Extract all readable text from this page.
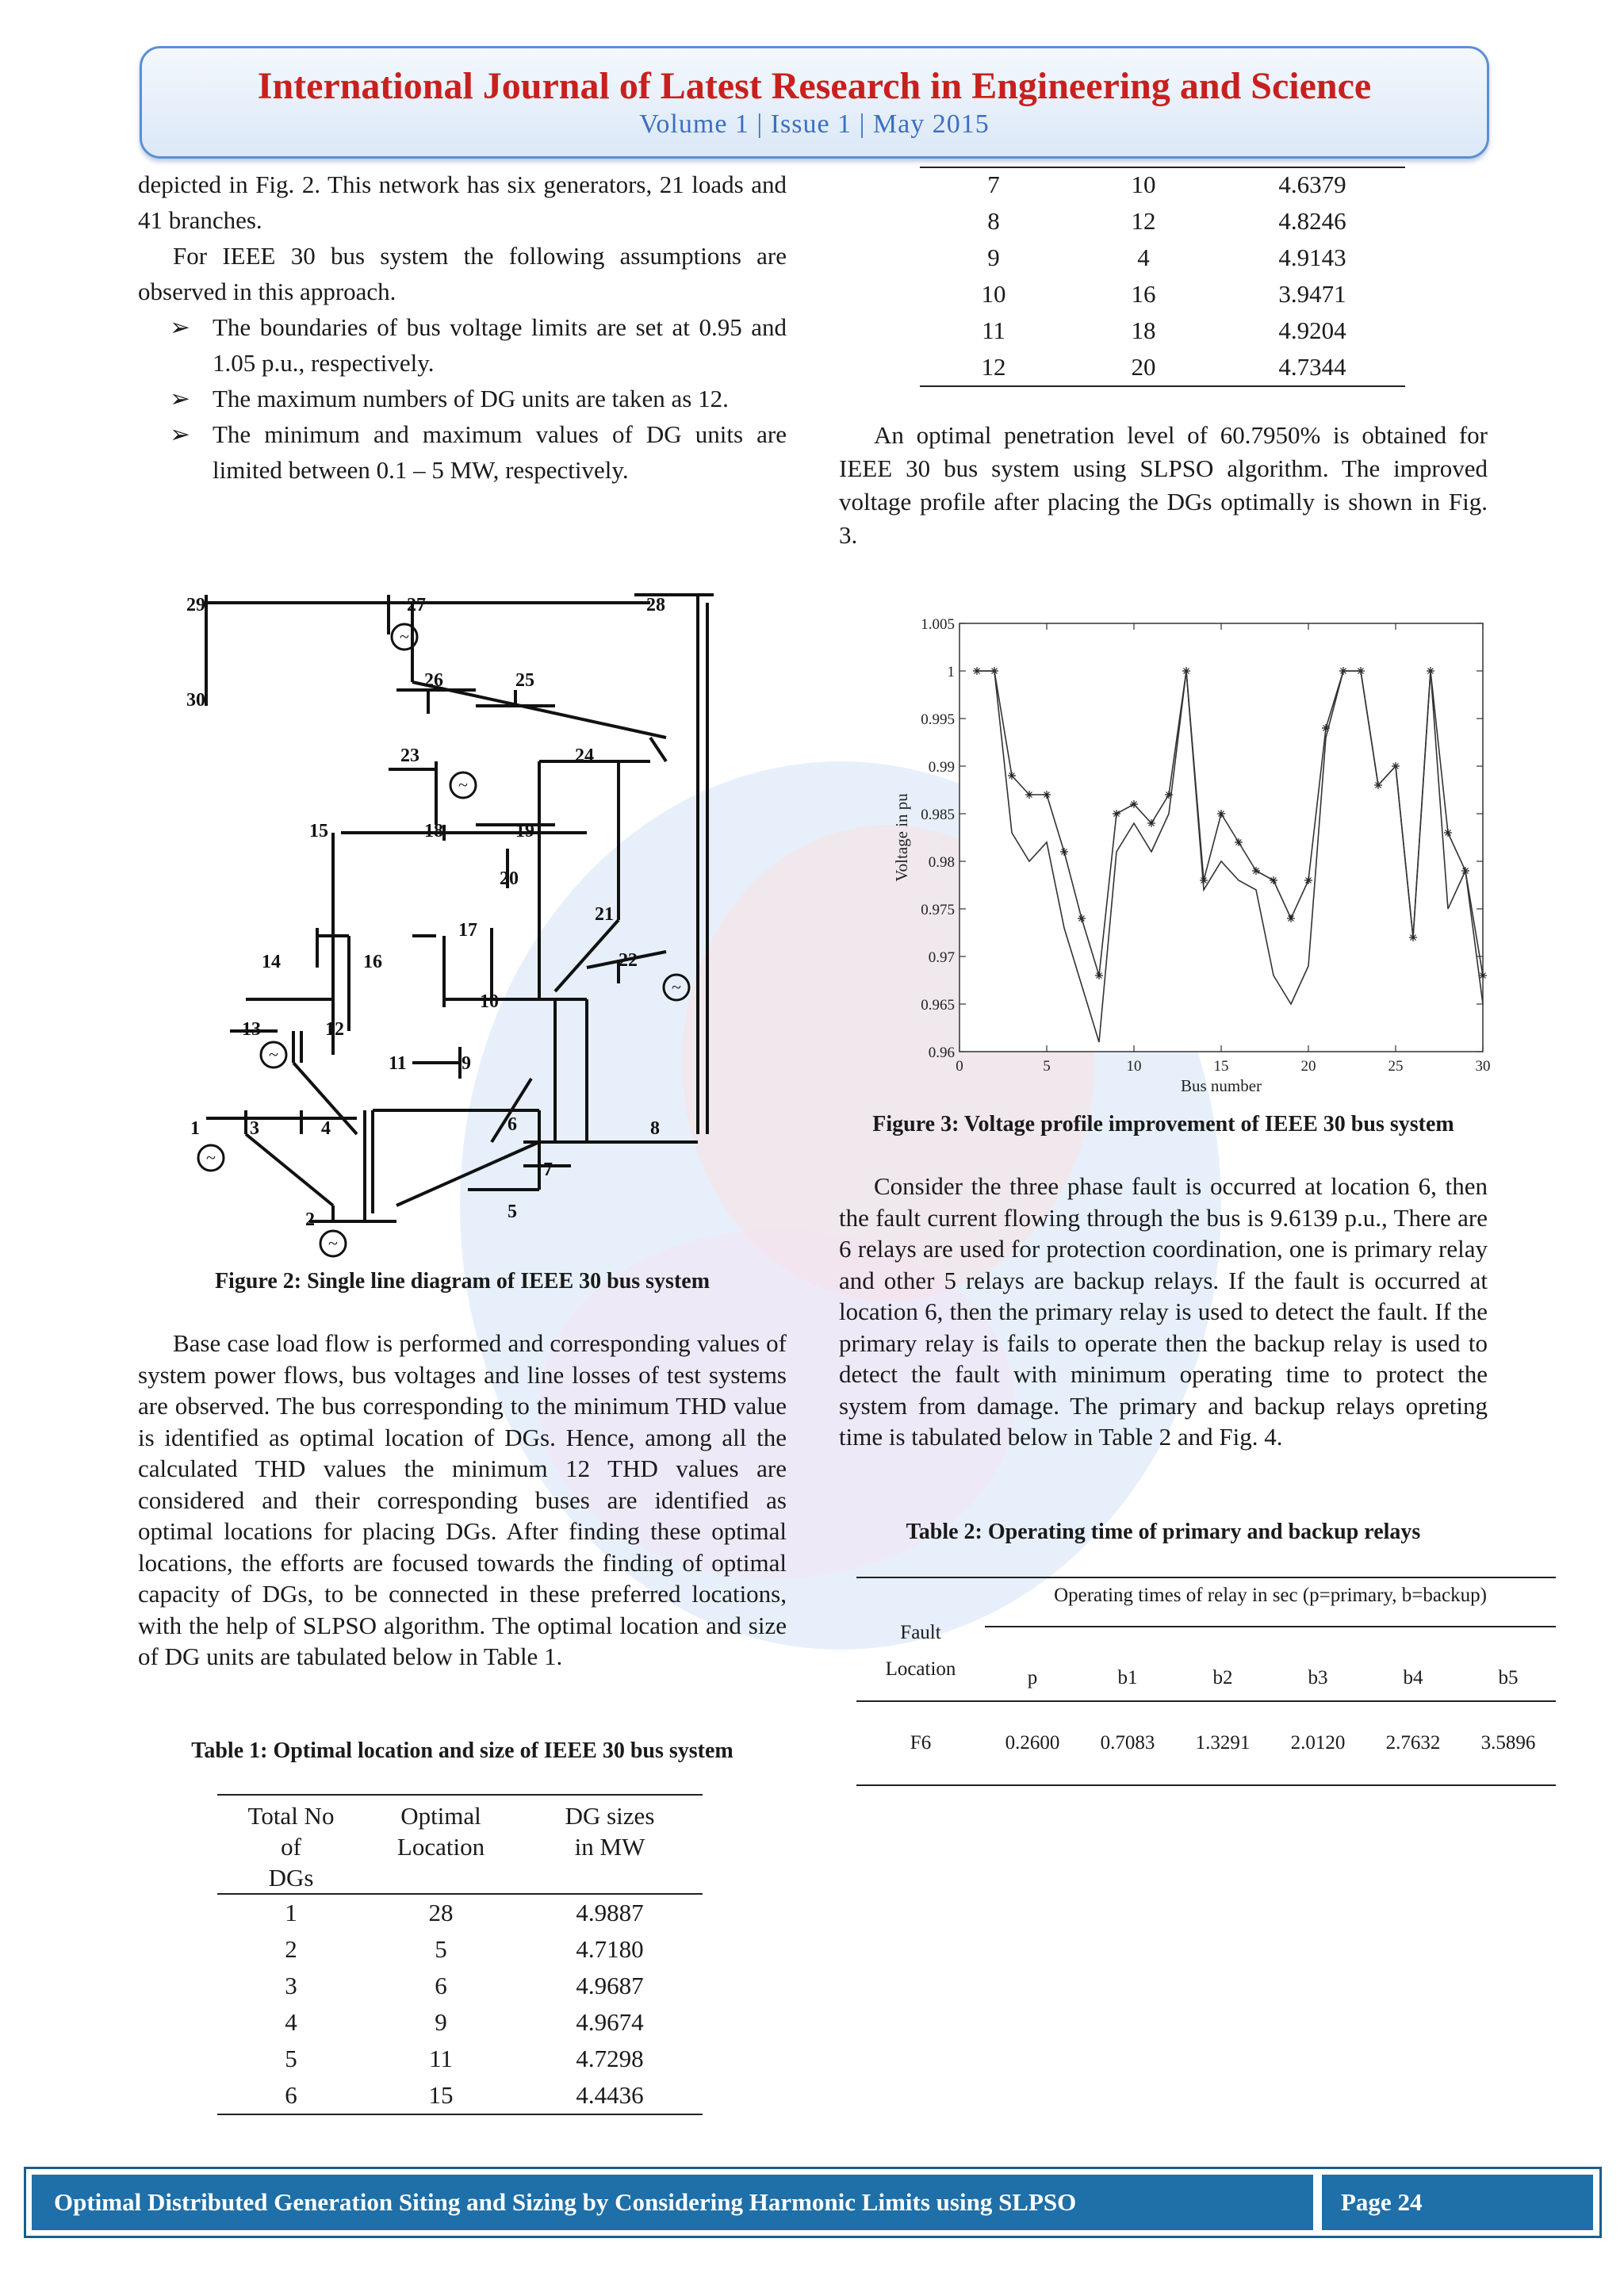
International Journal of Latest Research in Engineering and Science
Volume 1 | Issue 1 | May 2015
depicted in Fig. 2. This network has six generators, 21 loads and 41 branches.
For IEEE 30 bus system the following assumptions are observed in this approach.
➢ The boundaries of bus voltage limits are set at 0.95 and 1.05 p.u., respectively.
➢ The maximum numbers of DG units are taken as 12.
➢ The minimum and maximum values of DG units are limited between 0.1 – 5 MW, respectively.
~
~
~
~
~
~
1
2
3	4
5
6
7
8
9
10
11
12
13
14
15
16
17
18	19
20
21
22
23	24
25
26
27	28
29
30
Figure 2: Single line diagram of IEEE 30 bus system
Base case load flow is performed and corresponding values of system power flows, bus voltages and line losses of test systems are observed. The bus corresponding to the minimum THD value is identified as optimal location of DGs. Hence, among all the calculated THD values the minimum 12 THD values are considered and their corresponding buses are identified as optimal locations for placing DGs. After finding these optimal locations, the efforts are focused towards the finding of optimal capacity of DGs, to be connected in these preferred locations, with the help of SLPSO algorithm. The optimal location and size of DG units are tabulated below in Table 1.
Table 1: Optimal location and size of IEEE 30 bus system
Total No
of
DGs
Optimal
Location
DG sizes
in MW
1	28	4.9887
2	5	4.7180
3	6	4.9687
4	9	4.9674
5	11	4.7298
6	15	4.4436
7	10	4.6379
8	12	4.8246
9	4	4.9143
10	16	3.9471
11	18	4.9204
12	20	4.7344
An optimal penetration level of 60.7950% is obtained for IEEE 30 bus system using SLPSO algorithm. The improved voltage profile after placing the DGs optimally is shown in Fig. 3.
0.96
0.965
0.97
0.975
0.98
0.985
0.99
0.995
1
1.005
0	5	10	15	20	25	30
Bus number
Voltage in pu
Figure 3: Voltage profile improvement of IEEE 30 bus system
Consider the three phase fault is occurred at location 6, then the fault current flowing through the bus is 9.6139 p.u., There are 6 relays are used for protection coordination, one is primary relay and other 5 relays are backup relays. If the fault is occurred at location 6, then the primary relay is used to detect the fault. If the primary relay is fails to operate then the backup relay is used to detect the fault with minimum operating time to protect the system from damage. The primary and backup relays opreting time is tabulated below in Table 2 and Fig. 4.
Table 2: Operating time of primary and backup relays
Fault
Location
Operating times of relay in sec (p=primary, b=backup)
p	b1	b2	b3	b4	b5
F6	0.2600	0.7083	1.3291	2.0120	2.7632	3.5896
Optimal Distributed Generation Siting and Sizing by Considering Harmonic Limits using SLPSO	Page 24
